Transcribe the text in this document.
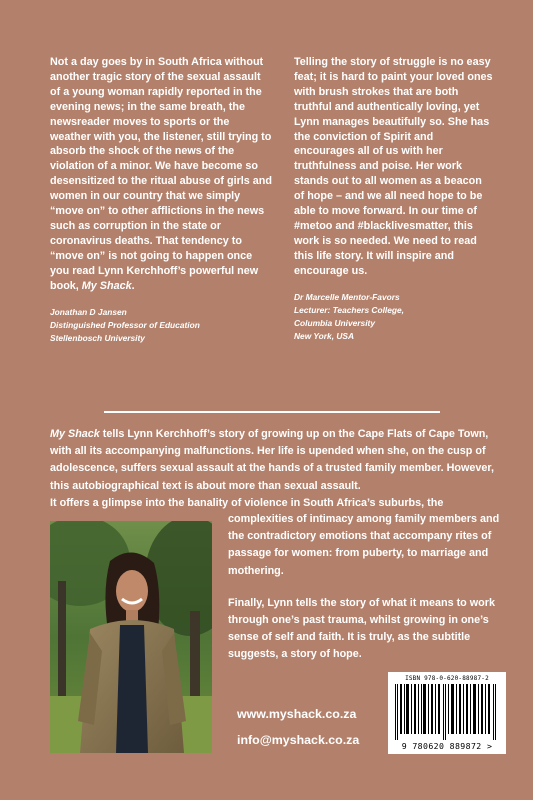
Not a day goes by in South Africa without another tragic story of the sexual assault of a young woman rapidly reported in the evening news; in the same breath, the newsreader moves to sports or the weather with you, the listener, still trying to absorb the shock of the news of the violation of a minor. We have become so desensitized to the ritual abuse of girls and women in our country that we simply “move on” to other afflictions in the news such as corruption in the state or coronavirus deaths. That tendency to “move on” is not going to happen once you read Lynn Kerchhoff’s powerful new book, My Shack.

Jonathan D Jansen
Distinguished Professor of Education
Stellenbosch University

Telling the story of struggle is no easy feat; it is hard to paint your loved ones with brush strokes that are both truthful and authentically loving, yet Lynn manages beautifully so. She has the conviction of Spirit and encourages all of us with her truthfulness and poise. Her work stands out to all women as a beacon of hope – and we all need hope to be able to move forward. In our time of #metoo and #blacklivesmatter, this work is so needed. We need to read this life story. It will inspire and encourage us.

Dr Marcelle Mentor-Favors
Lecturer: Teachers College,
Columbia University
New York, USA

My Shack tells Lynn Kerchhoff’s story of growing up on the Cape Flats of Cape Town, with all its accompanying malfunctions. Her life is upended when she, on the cusp of adolescence, suffers sexual assault at the hands of a trusted family member. However, this autobiographical text is about more than sexual assault.

It offers a glimpse into the banality of violence in South Africa’s suburbs, the

complexities of intimacy among family members and the contradictory emotions that accompany rites of passage for women: from puberty, to marriage and mothering.

Finally, Lynn tells the story of what it means to work through one’s past trauma, whilst growing in one’s sense of self and faith. It is truly, as the subtitle suggests, a story of hope.

www.myshack.co.za
info@myshack.co.za
ISBN 978-0-620-88987-2
9 780620 889872 >
